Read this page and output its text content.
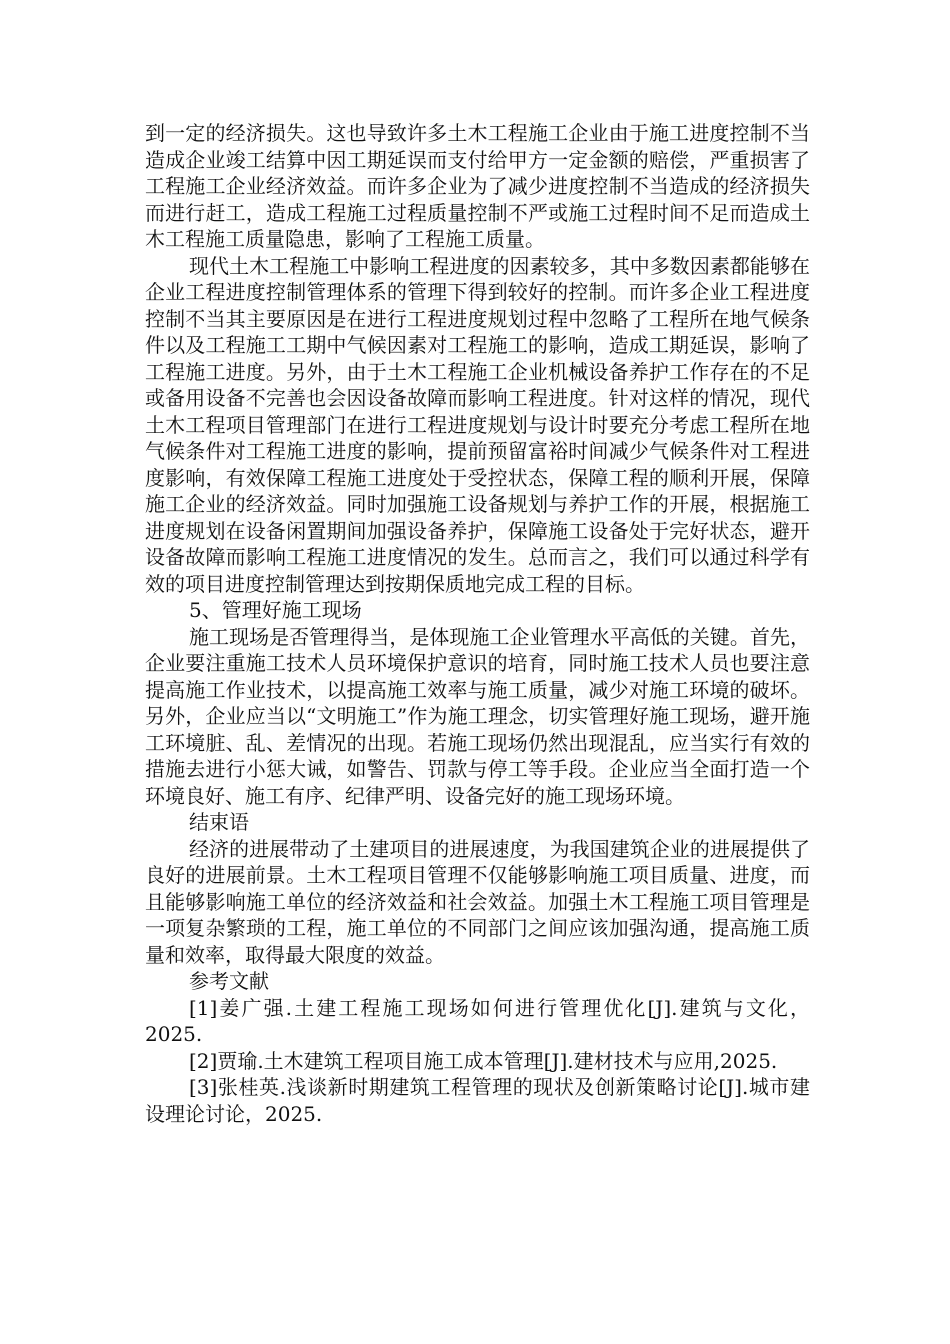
到一定的经济损失。这也导致许多土木工程施工企业由于施工进度控制不当造成企业竣工结算中因工期延误而支付给甲方一定金额的赔偿，严重损害了工程施工企业经济效益。而许多企业为了减少进度控制不当造成的经济损失而进行赶工，造成工程施工过程质量控制不严或施工过程时间不足而造成土木工程施工质量隐患，影响了工程施工质量。

现代土木工程施工中影响工程进度的因素较多，其中多数因素都能够在企业工程进度控制管理体系的管理下得到较好的控制。而许多企业工程进度控制不当其主要原因是在进行工程进度规划过程中忽略了工程所在地气候条件以及工程施工工期中气候因素对工程施工的影响，造成工期延误，影响了工程施工进度。另外，由于土木工程施工企业机械设备养护工作存在的不足或备用设备不完善也会因设备故障而影响工程进度。针对这样的情况，现代土木工程项目管理部门在进行工程进度规划与设计时要充分考虑工程所在地气候条件对工程施工进度的影响，提前预留富裕时间减少气候条件对工程进度影响，有效保障工程施工进度处于受控状态，保障工程的顺利开展，保障施工企业的经济效益。同时加强施工设备规划与养护工作的开展，根据施工进度规划在设备闲置期间加强设备养护，保障施工设备处于完好状态，避开设备故障而影响工程施工进度情况的发生。总而言之，我们可以通过科学有效的项目进度控制管理达到按期保质地完成工程的目标。

5、管理好施工现场

施工现场是否管理得当，是体现施工企业管理水平高低的关键。首先，企业要注重施工技术人员环境保护意识的培育，同时施工技术人员也要注意提高施工作业技术，以提高施工效率与施工质量，减少对施工环境的破坏。另外，企业应当以“文明施工”作为施工理念，切实管理好施工现场，避开施工环境脏、乱、差情况的出现。若施工现场仍然出现混乱，应当实行有效的措施去进行小惩大诫，如警告、罚款与停工等手段。企业应当全面打造一个环境良好、施工有序、纪律严明、设备完好的施工现场环境。

结束语

经济的进展带动了土建项目的进展速度，为我国建筑企业的进展提供了良好的进展前景。土木工程项目管理不仅能够影响施工项目质量、进度，而且能够影响施工单位的经济效益和社会效益。加强土木工程施工项目管理是一项复杂繁琐的工程，施工单位的不同部门之间应该加强沟通，提高施工质量和效率，取得最大限度的效益。

参考文献

[1]姜广强.土建工程施工现场如何进行管理优化[J].建筑与文化，2025.

[2]贾瑜.土木建筑工程项目施工成本管理[J].建材技术与应用,2025.

[3]张桂英.浅谈新时期建筑工程管理的现状及创新策略讨论[J].城市建设理论讨论，2025.
